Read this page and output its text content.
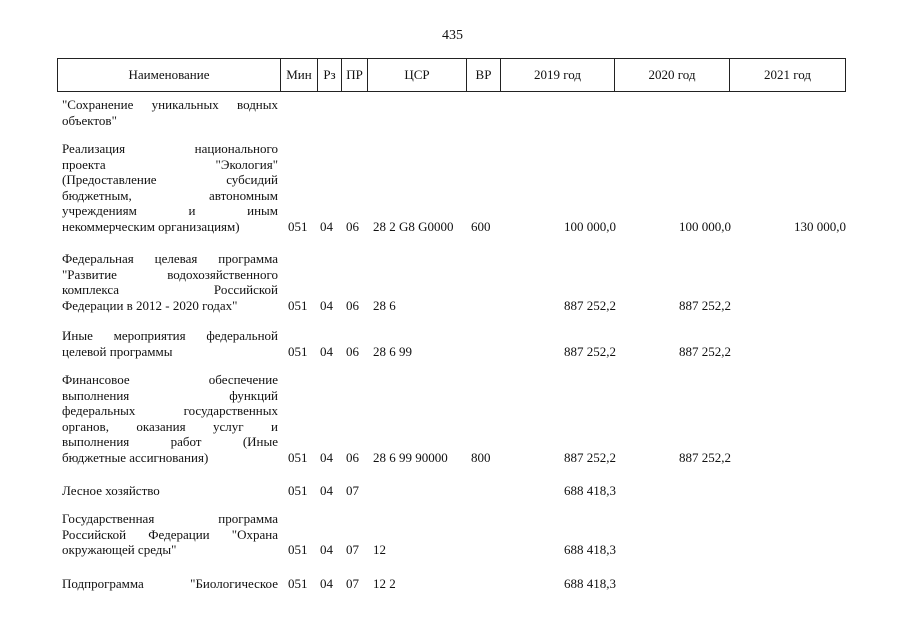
435
Наименование	Мин Рз ПР	ЦСР	ВР	2019 год	2020 год	2021 год
"Сохранение уникальных водных
объектов"
Реализация национального
проекта "Экология"
(Предоставление субсидий
бюджетным, автономным
учреждениям и иным
некоммерческим организациям)	051 04 06 28 2 G8 G0000 600	100 000,0	100 000,0	130 000,0
Федеральная целевая программа
"Развитие водохозяйственного
комплекса Российской
Федерации в 2012 - 2020 годах"	051 04 06 28 6	887 252,2	887 252,2
Иные мероприятия федеральной
целевой программы	051 04 06 28 6 99	887 252,2	887 252,2
Финансовое обеспечение
выполнения функций
федеральных государственных
органов, оказания услуг и
выполнения работ (Иные
бюджетные ассигнования)	051 04 06 28 6 99 90000 800	887 252,2	887 252,2
Лесное хозяйство	051 04 07	688 418,3
Государственная программа
Российской Федерации "Охрана
окружающей среды"	051 04 07 12	688 418,3
Подпрограмма "Биологическое 051 04 07 12 2	688 418,3
